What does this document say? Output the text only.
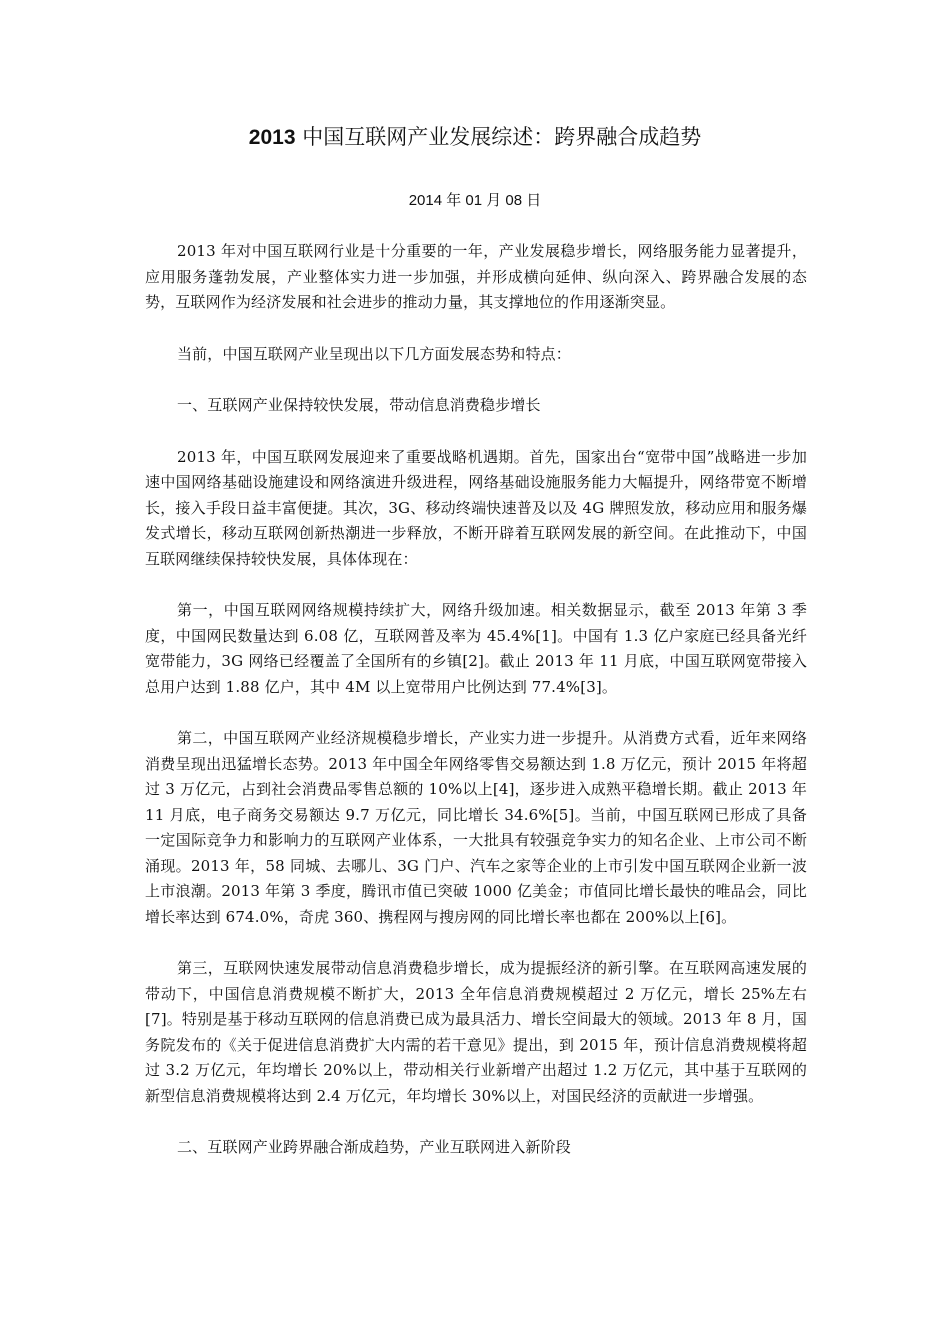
2013 中国互联网产业发展综述：跨界融合成趋势
2014 年 01 月 08 日

2013 年对中国互联网行业是十分重要的一年，产业发展稳步增长，网络服务能力显著提升，应用服务蓬勃发展，产业整体实力进一步加强，并形成横向延伸、纵向深入、跨界融合发展的态势，互联网作为经济发展和社会进步的推动力量，其支撑地位的作用逐渐突显。

当前，中国互联网产业呈现出以下几方面发展态势和特点：

一、互联网产业保持较快发展，带动信息消费稳步增长

2013 年，中国互联网发展迎来了重要战略机遇期。首先，国家出台“宽带中国”战略进一步加速中国网络基础设施建设和网络演进升级进程，网络基础设施服务能力大幅提升，网络带宽不断增长，接入手段日益丰富便捷。其次，3G、移动终端快速普及以及 4G 牌照发放，移动应用和服务爆发式增长，移动互联网创新热潮进一步释放，不断开辟着互联网发展的新空间。在此推动下，中国互联网继续保持较快发展，具体体现在：

第一，中国互联网网络规模持续扩大，网络升级加速。相关数据显示，截至 2013 年第 3 季度，中国网民数量达到 6.08 亿，互联网普及率为 45.4%[1]。中国有 1.3 亿户家庭已经具备光纤宽带能力，3G 网络已经覆盖了全国所有的乡镇[2]。截止 2013 年 11 月底，中国互联网宽带接入总用户达到 1.88 亿户，其中 4M 以上宽带用户比例达到 77.4%[3]。

第二，中国互联网产业经济规模稳步增长，产业实力进一步提升。从消费方式看，近年来网络消费呈现出迅猛增长态势。2013 年中国全年网络零售交易额达到 1.8 万亿元，预计 2015 年将超过 3 万亿元，占到社会消费品零售总额的 10%以上[4]，逐步进入成熟平稳增长期。截止 2013 年 11 月底，电子商务交易额达 9.7 万亿元，同比增长 34.6%[5]。当前，中国互联网已形成了具备一定国际竞争力和影响力的互联网产业体系，一大批具有较强竞争实力的知名企业、上市公司不断涌现。2013 年，58 同城、去哪儿、3G 门户、汽车之家等企业的上市引发中国互联网企业新一波上市浪潮。2013 年第 3 季度，腾讯市值已突破 1000 亿美金；市值同比增长最快的唯品会，同比增长率达到 674.0%，奇虎 360、携程网与搜房网的同比增长率也都在 200%以上[6]。

第三，互联网快速发展带动信息消费稳步增长，成为提振经济的新引擎。在互联网高速发展的带动下，中国信息消费规模不断扩大，2013 全年信息消费规模超过 2 万亿元，增长 25%左右[7]。特别是基于移动互联网的信息消费已成为最具活力、增长空间最大的领域。2013 年 8 月，国务院发布的《关于促进信息消费扩大内需的若干意见》提出，到 2015 年，预计信息消费规模将超过 3.2 万亿元，年均增长 20%以上，带动相关行业新增产出超过 1.2 万亿元，其中基于互联网的新型信息消费规模将达到 2.4 万亿元，年均增长 30%以上，对国民经济的贡献进一步增强。

二、互联网产业跨界融合渐成趋势，产业互联网进入新阶段
